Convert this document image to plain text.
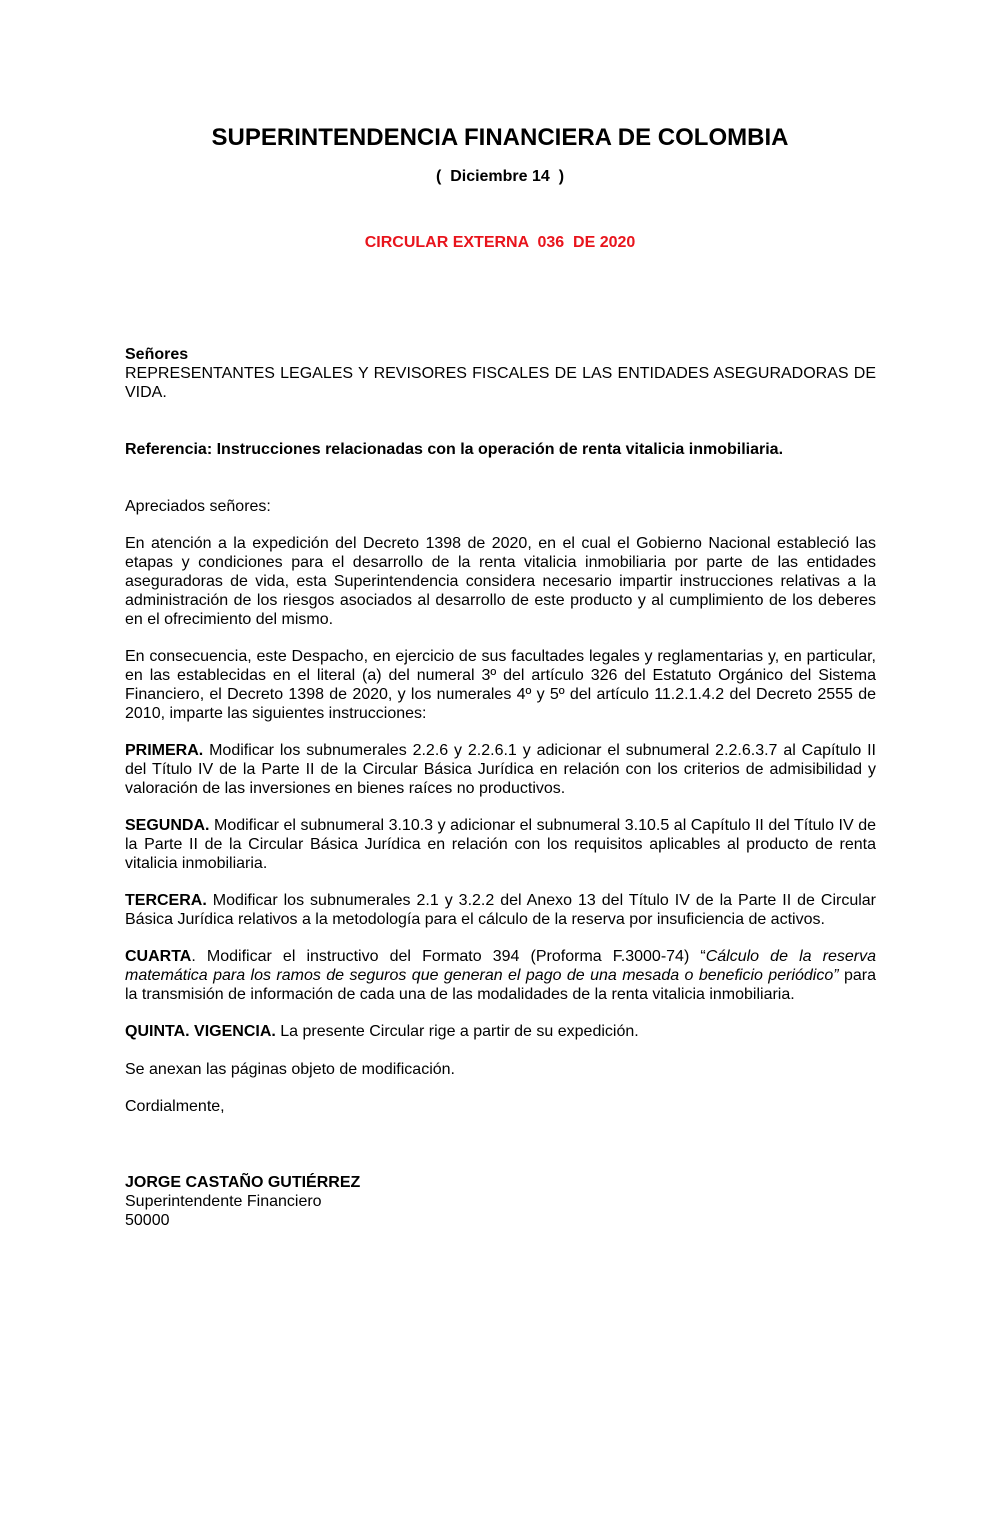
SUPERINTENDENCIA FINANCIERA DE COLOMBIA
(  Diciembre 14  )
CIRCULAR EXTERNA  036  DE 2020
Señores
REPRESENTANTES LEGALES Y REVISORES FISCALES DE LAS ENTIDADES ASEGURADORAS DE VIDA.

Referencia: Instrucciones relacionadas con la operación de renta vitalicia inmobiliaria.

Apreciados señores:

En atención a la expedición del Decreto 1398 de 2020, en el cual el Gobierno Nacional estableció las etapas y condiciones para el desarrollo de la renta vitalicia inmobiliaria por parte de las entidades aseguradoras de vida, esta Superintendencia considera necesario impartir instrucciones relativas a la administración de los riesgos asociados al desarrollo de este producto y al cumplimiento de los deberes en el ofrecimiento del mismo.

En consecuencia, este Despacho, en ejercicio de sus facultades legales y reglamentarias y, en particular, en las establecidas en el literal (a) del numeral 3º del artículo 326 del Estatuto Orgánico del Sistema Financiero, el Decreto 1398 de 2020, y los numerales 4º y 5º del artículo 11.2.1.4.2 del Decreto 2555 de 2010, imparte las siguientes instrucciones:

PRIMERA. Modificar los subnumerales 2.2.6 y 2.2.6.1 y adicionar el subnumeral 2.2.6.3.7 al Capítulo II del Título IV de la Parte II de la Circular Básica Jurídica en relación con los criterios de admisibilidad y valoración de las inversiones en bienes raíces no productivos.

SEGUNDA. Modificar el subnumeral 3.10.3 y adicionar el subnumeral 3.10.5 al Capítulo II del Título IV de la Parte II de la Circular Básica Jurídica en relación con los requisitos aplicables al producto de renta vitalicia inmobiliaria.

TERCERA. Modificar los subnumerales 2.1 y 3.2.2 del Anexo 13 del Título IV de la Parte II de Circular Básica Jurídica relativos a la metodología para el cálculo de la reserva por insuficiencia de activos.

CUARTA. Modificar el instructivo del Formato 394 (Proforma F.3000-74) “Cálculo de la reserva matemática para los ramos de seguros que generan el pago de una mesada o beneficio periódico” para la transmisión de información de cada una de las modalidades de la renta vitalicia inmobiliaria.

QUINTA. VIGENCIA. La presente Circular rige a partir de su expedición.

Se anexan las páginas objeto de modificación.

Cordialmente,

JORGE CASTAÑO GUTIÉRREZ
Superintendente Financiero
50000
